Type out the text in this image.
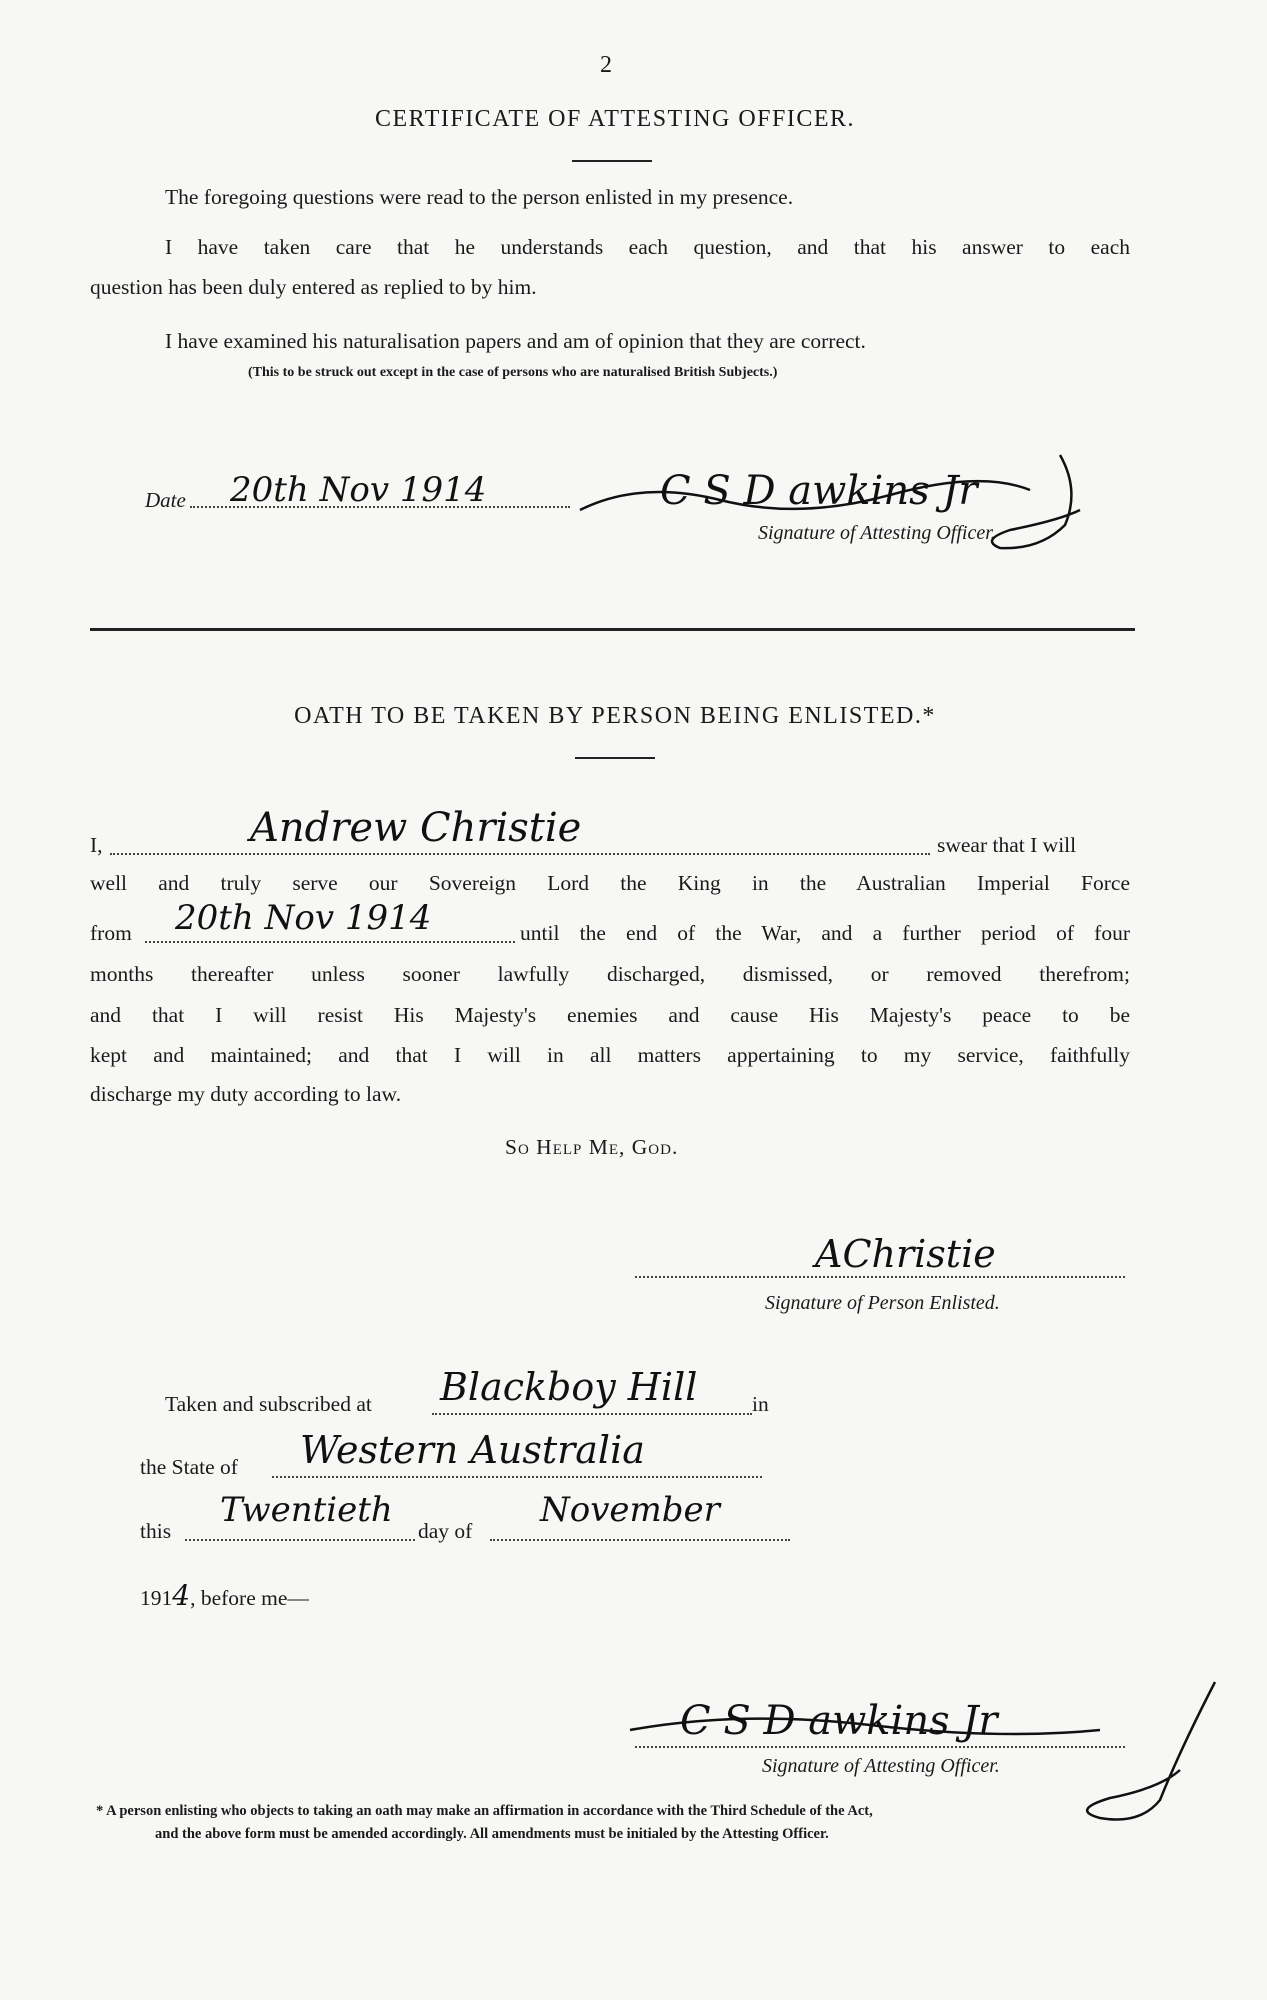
2
CERTIFICATE OF ATTESTING OFFICER.
The foregoing questions were read to the person enlisted in my presence.
I have taken care that he understands each question, and that his answer to each
question has been duly entered as replied to by him.
I have examined his naturalisation papers and am of opinion that they are correct.
(This to be struck out except in the case of persons who are naturalised British Subjects.)
Date 20th Nov 1914	C S D awkins Jr
Signature of Attesting Officer.
OATH TO BE TAKEN BY PERSON BEING ENLISTED.*
I,	Andrew Christie	swear that I will
well and truly serve our Sovereign Lord the King in the Australian Imperial Force
from 20th Nov 1914	until the end of the War, and a further period of four
months thereafter unless sooner lawfully discharged, dismissed, or removed therefrom;
and that I will resist His Majesty's enemies and cause His Majesty's peace to be
kept and maintained; and that I will in all matters appertaining to my service, faithfully
discharge my duty according to law.
So Help Me, God.
AChristie
Signature of Person Enlisted.
Taken and subscribed at Blackboy Hill	in
the State of Western Australia
this
Twentieth
day of
November
1914, before me—
C S D awkins Jr
Signature of Attesting Officer.
* A person enlisting who objects to taking an oath may make an affirmation in accordance with the Third Schedule of the Act,
and the above form must be amended accordingly. All amendments must be initialed by the Attesting Officer.
